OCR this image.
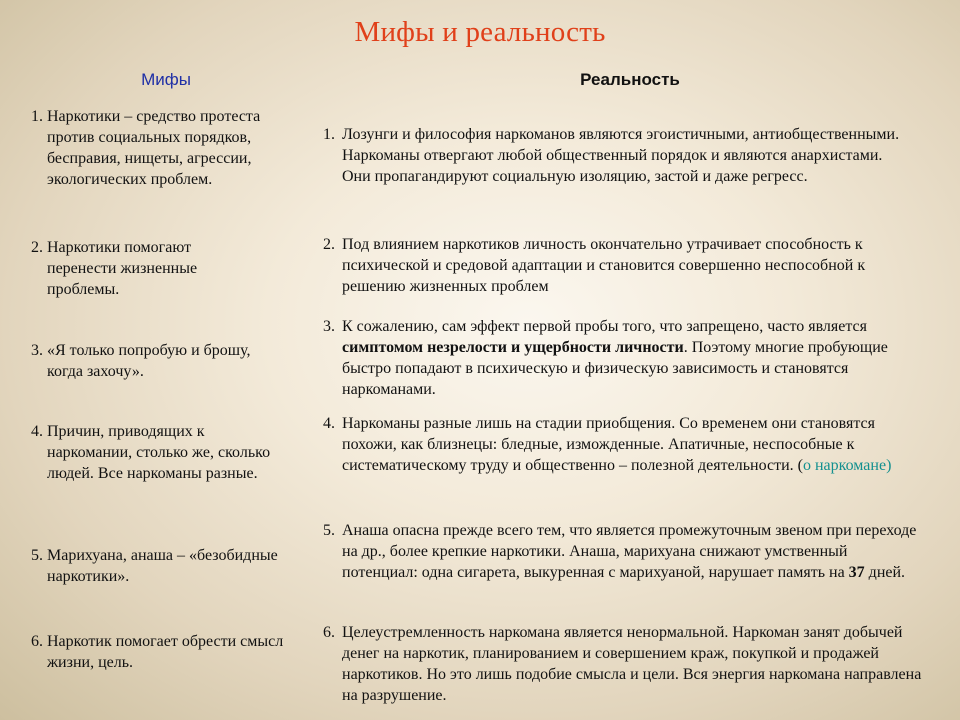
Мифы и реальность
Мифы	Реальность
1. Наркотики – средство протеста против социальных порядков, бесправия, нищеты, агрессии, экологических проблем.
2. Наркотики помогают перенести жизненные проблемы.
3. «Я только попробую и брошу, когда захочу».
4. Причин, приводящих к наркомании, столько же, сколько людей. Все наркоманы разные.
5. Марихуана, анаша – «безобидные наркотики».
6. Наркотик помогает обрести смысл жизни, цель.
1. Лозунги и философия наркоманов являются эгоистичными, антиобщественными. Наркоманы отвергают любой общественный порядок и являются анархистами. Они пропагандируют социальную изоляцию, застой и даже регресс.
2. Под влиянием наркотиков личность окончательно утрачивает способность к психической и средовой адаптации и становится совершенно неспособной к решению жизненных проблем
3. К сожалению, сам эффект первой пробы того, что запрещено, часто является симптомом незрелости и ущербности личности. Поэтому многие пробующие быстро попадают в психическую и физическую зависимость и становятся наркоманами.
4. Наркоманы разные лишь на стадии приобщения. Со временем они становятся похожи, как близнецы: бледные, изможденные. Апатичные, неспособные к систематическому труду и общественно – полезной деятельности. (о наркомане)
5. Анаша опасна прежде всего тем, что является промежуточным звеном при переходе на др., более крепкие наркотики. Анаша, марихуана снижают умственный потенциал: одна сигарета, выкуренная с марихуаной, нарушает память на 37 дней.
6. Целеустремленность наркомана является ненормальной. Наркоман занят добычей денег на наркотик, планированием и совершением краж, покупкой и продажей наркотиков. Но это лишь подобие смысла и цели. Вся энергия наркомана направлена на разрушение.
